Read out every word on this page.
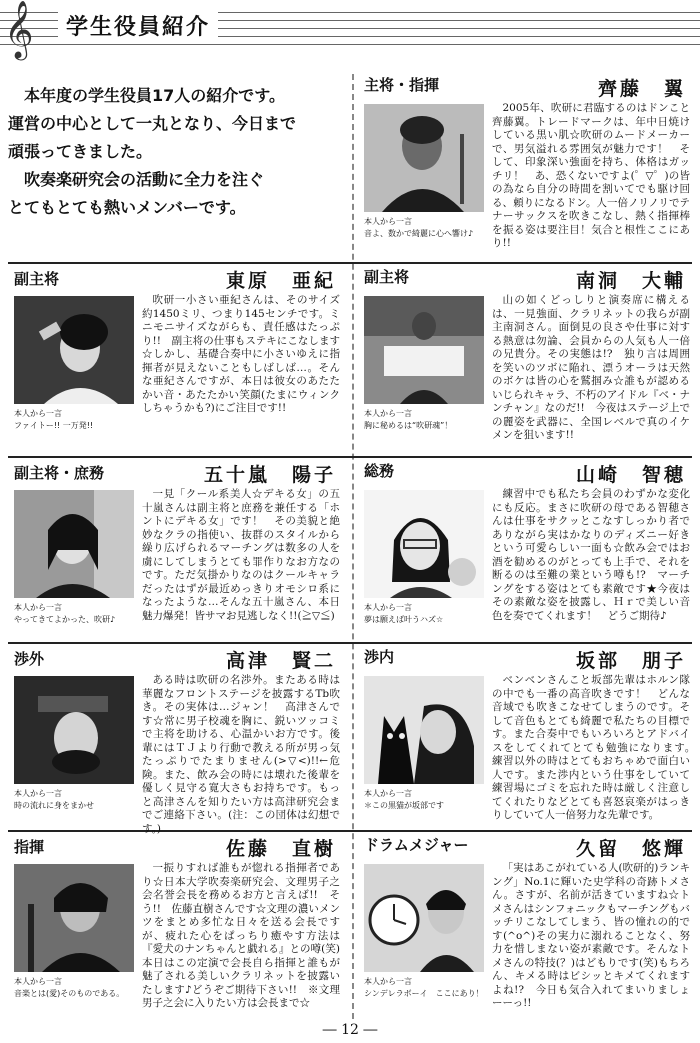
𝄞	学生役員紹介

　本年度の学生役員17人の紹介です。

運営の中心として一丸となり、今日まで

頑張ってきました。

　吹奏楽研究会の活動に全力を注ぐ

とてもとても熱いメンバーです。

主将・指揮	齊藤　翼
本人から一言
音よ、数かで綺麗に心へ響け♪
2005年、吹研に君臨するのはドンこと齊藤翼。トレードマークは、年中日焼けしている黒い肌☆吹研のムードメーカーで、男気溢れる雰囲気が魅力です！　そして、印象深い強面を持ち、体格はガッチリ！　あ、恐くないですよ(゜▽゜)の皆の為なら自分の時間を割いてでも駆け回る、頼りになるドン。人一倍ノリノリでテナーサックスを吹きこなし、熱く指揮棒を振る姿は要注目！気合と根性ここにあり!!
副主将	東原　亜紀
本人から一言
ファイトー!! 一万発!!
吹研一小さい亜紀さんは、そのサイズ約1450ミリ、つまり145センチです。ミニモニサイズながらも、責任感はたっぷり!!　副主将の仕事もステキにこなします☆しかし、基礎合奏中に小さいゆえに指揮者が見えないこともしばしば…。そんな亜紀さんですが、本日は彼女のあたたかい音・あたたかい笑顔(たまにウィンクしちゃうかも?)にご注目です!!
副主将	南洞　大輔
本人から一言
胸に秘めるは“吹研魂”！
山の如くどっしりと演奏席に構えるは、一見強面、クラリネットの我らが副主南洞さん。面倒見の良さや仕事に対する熱意は勿論、会員からの人気も人一倍の兄貴分。その実態は!?　独り言は周囲を笑いのツボに陥れ、漂うオーラは天然のボケは皆の心を鷲掴み☆誰もが認めるいじられキャラ、不朽のアイドル『ベ・ナンチャン』なのだ!!　今夜はステージ上での麗姿を武器に、全国レベルで真のイケメンを狙います!!
副主将・庶務	五十嵐　陽子
本人から一言
やってきてよかった、吹研♪
一見「クール系美人☆デキる女」の五十嵐さんは副主将と庶務を兼任する「ホントにデキる女」です！　その美貌と絶妙なクラの指使い、抜群のスタイルから繰り広げられるマーチングは数多の人を虜にしてしまうとても罪作りなお方なのです。ただ気掛かりなのはクールキャラだったはずが最近めっきりオモシロ系になったような…そんな五十嵐さん、本日魅力爆発！皆サマお見逃しなく!!(≧▽≦)
総務	山崎　智穂
本人から一言
夢は願えば叶うハズ☆
練習中でも私たち会員のわずかな変化にも反応。まさに吹研の母である智穂さんは仕事をサクッとこなすしっかり者でありながら実はかなりのディズニー好きという可愛らしい一面も☆飲み会ではお酒を勧めるのがとっても上手で、それを断るのは至難の業という噂も!?　マーチングをする姿はとても素敵です★今夜はその素敵な姿を披露し、Ｈｒで美しい音色を奏でてくれます！　どうご期待♪
渉外	高津　賢二
本人から一言
時の流れに身をまかせ
ある時は吹研の名渉外。またある時は華麗なフロントステージを披露するTb吹き。その実体は…ジャン！　高津さんです☆常に男子校魂を胸に、鋭いツッコミで主将を助ける、心温かいお方です。後輩にはＴＪより行動で教える所が男っ気たっぷりでたまりません(>▽<)!!←危険。また、飲み会の時には壊れた後輩を優しく見守る寛大さもお持ちです。もっと高津さんを知りたい方は高津研究会までご連絡下さい。(注：この団体は幻想です。)
渉内	坂部　朋子
本人から一言
＊この黒猫が坂部です
ベンベンさんこと坂部先輩はホルン隊の中でも一番の高音吹きです！　どんな音域でも吹きこなせてしまうのです。そして音色もとても綺麗で私たちの目標です。また合奏中でもいろいろとアドバイスをしてくれてとても勉強になります。　練習以外の時はとてもおちゃめで面白い人です。また渉内という仕事をしていて練習場にゴミを忘れた時は厳しく注意してくれたりなどとても喜怒哀楽がはっきりしていて人一倍努力な先輩です。
指揮	佐藤　直樹
本人から一言
音楽とは(愛)そのものである。
一振りすれば誰もが惚れる指揮者であり☆日本大学吹奏楽研究会、文理男子之会名誉会長を務めるお方と言えば!!　そう!!　佐藤直樹さんです☆文理の濃いメンツをまとめ多忙な日々を送る会長ですが、疲れた心をぱっちり癒やす方法は『愛犬のナンちゃんと戯れる』との噂(笑)本日はこの定演で会長自ら指揮と誰もが魅了される美しいクラリネットを披露いたします♪どうぞご期待下さい!!　※文理男子之会に入りたい方は会長まで☆
ドラムメジャー	久留　悠輝
本人から一言
シンデレラボーイ　ここにあり！
「実はあこがれている人(吹研的)ランキング」No.1に輝いた史学科の奇跡トメさん。さすが、名前が活きていますね☆トメさんはシンフォニックもマーチングもバッチリこなしてしまう、皆の憧れの的です(^o^)その実力に溺れることなく、努力を惜しまない姿が素敵です。そんなトメさんの特技(？)はどもりです(笑)もちろん、キメる時はビシッとキメてくれますよね!?　今日も気合入れてまいりましょーーっ!!
― 12 ―
